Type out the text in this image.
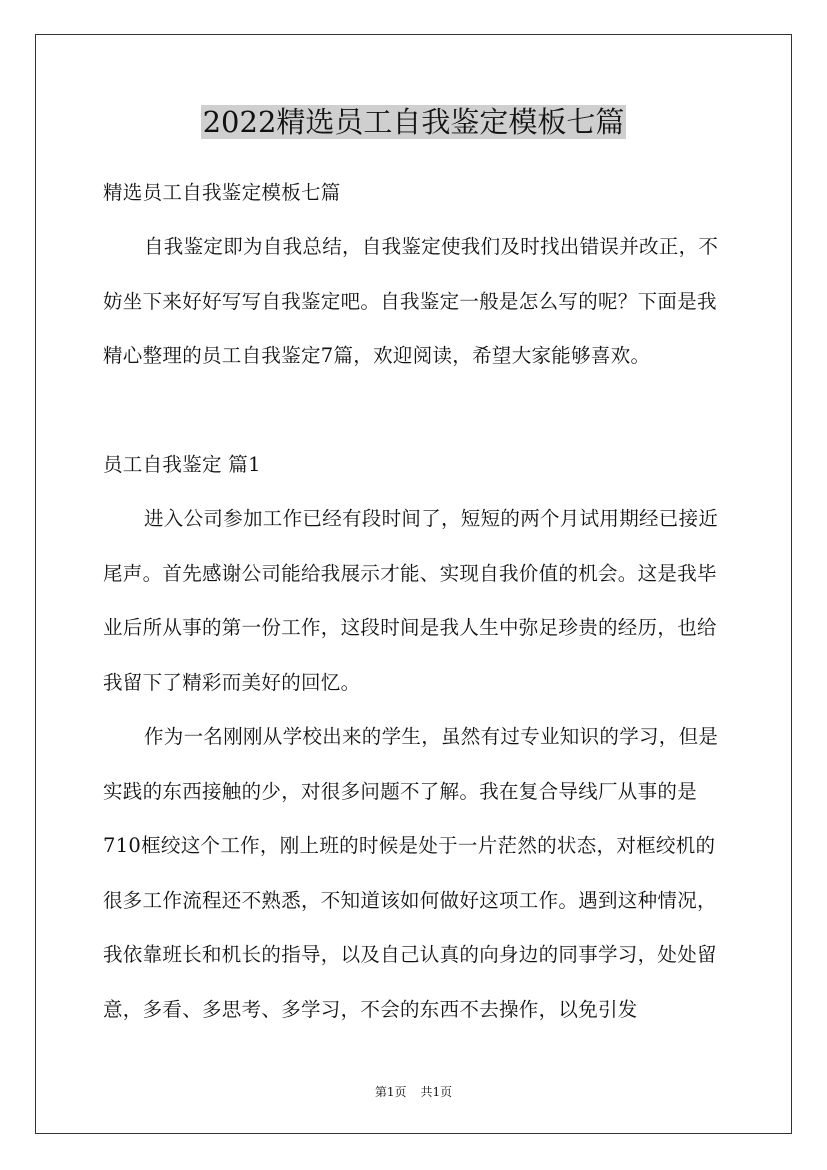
2022精选员工自我鉴定模板七篇

精选员工自我鉴定模板七篇

自我鉴定即为自我总结，自我鉴定使我们及时找出错误并改正，不妨坐下来好好写写自我鉴定吧。自我鉴定一般是怎么写的呢？下面是我精心整理的员工自我鉴定7篇，欢迎阅读，希望大家能够喜欢。

员工自我鉴定 篇1

进入公司参加工作已经有段时间了，短短的两个月试用期经已接近尾声。首先感谢公司能给我展示才能、实现自我价值的机会。这是我毕业后所从事的第一份工作，这段时间是我人生中弥足珍贵的经历，也给我留下了精彩而美好的回忆。

作为一名刚刚从学校出来的学生，虽然有过专业知识的学习，但是实践的东西接触的少，对很多问题不了解。我在复合导线厂从事的是710框绞这个工作，刚上班的时候是处于一片茫然的状态，对框绞机的很多工作流程还不熟悉，不知道该如何做好这项工作。遇到这种情况，我依靠班长和机长的指导，以及自己认真的向身边的同事学习，处处留意，多看、多思考、多学习，不会的东西不去操作，以免引发

第1页 共1页
